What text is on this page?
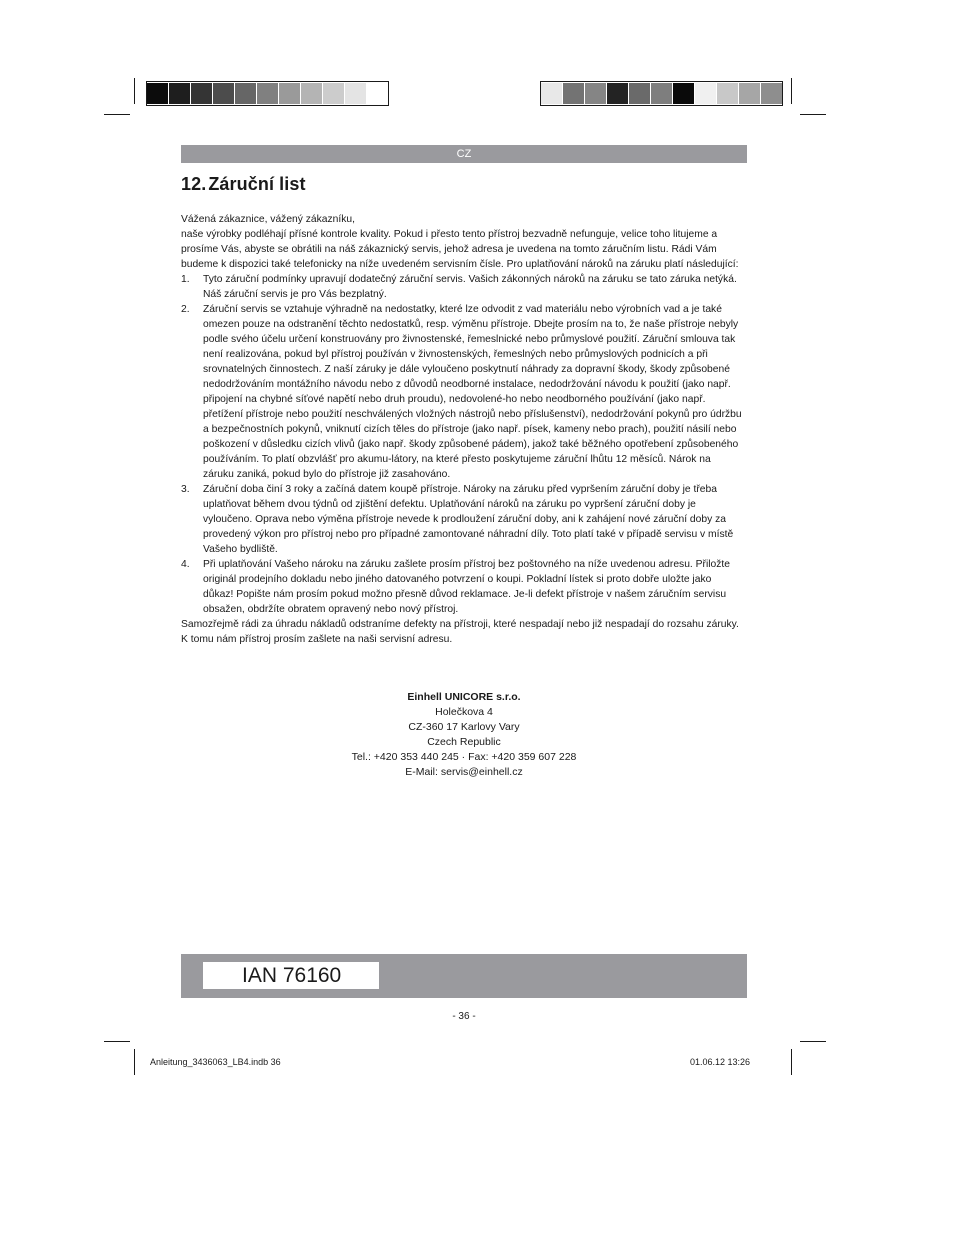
CZ
12. Záruční list

Vážená zákaznice, vážený zákazníku,

naše výrobky podléhají přísné kontrole kvality. Pokud i přesto tento přístroj bezvadně nefunguje, velice toho litujeme a prosíme Vás, abyste se obrátili na náš zákaznický servis, jehož adresa je uvedena na tomto záručním listu. Rádi Vám budeme k dispozici také telefonicky na níže uvedeném servisním čísle. Pro uplatňování nároků na záruku platí následující:

1. Tyto záruční podmínky upravují dodatečný záruční servis. Vašich zákonných nároků na záruku se tato záruka netýká. Náš záruční servis je pro Vás bezplatný.
2. Záruční servis se vztahuje výhradně na nedostatky, které lze odvodit z vad materiálu nebo výrobních vad a je také omezen pouze na odstranění těchto nedostatků, resp. výměnu přístroje. Dbejte prosím na to, že naše přístroje nebyly podle svého účelu určení konstruovány pro živnostenské, řemeslnické nebo průmyslové použití. Záruční smlouva tak není realizována, pokud byl přístroj používán v živnostenských, řemeslných nebo průmyslových podnicích a při srovnatelných činnostech. Z naší záruky je dále vyloučeno poskytnutí náhrady za dopravní škody, škody způsobené nedodržováním montážního návodu nebo z důvodů neodborné instalace, nedodržování návodu k použití (jako např. připojení na chybné síťové napětí nebo druh proudu), nedovolené-ho nebo neodborného používání (jako např. přetížení přístroje nebo použití neschválených vložných nástrojů nebo příslušenství), nedodržování pokynů pro údržbu a bezpečnostních pokynů, vniknutí cizích těles do přístroje (jako např. písek, kameny nebo prach), použití násilí nebo poškození v důsledku cizích vlivů (jako např. škody způsobené pádem), jakož také běžného opotřebení způsobeného používáním. To platí obzvlášť pro akumu-látory, na které přesto poskytujeme záruční lhůtu 12 měsíců. Nárok na záruku zaniká, pokud bylo do přístroje již zasahováno.
3. Záruční doba činí 3 roky a začíná datem koupě přístroje. Nároky na záruku před vypršením záruční doby je třeba uplatňovat během dvou týdnů od zjištění defektu. Uplatňování nároků na záruku po vypršení záruční doby je vyloučeno. Oprava nebo výměna přístroje nevede k prodloužení záruční doby, ani k zahájení nové záruční doby za provedený výkon pro přístroj nebo pro případné zamontované náhradní díly. Toto platí také v případě servisu v místě Vašeho bydliště.
4. Při uplatňování Vašeho nároku na záruku zašlete prosím přístroj bez poštovného na níže uvedenou adresu. Přiložte originál prodejního dokladu nebo jiného datovaného potvrzení o koupi. Pokladní lístek si proto dobře uložte jako důkaz! Popište nám prosím pokud možno přesně důvod reklamace. Je-li defekt přístroje v našem záručním servisu obsažen, obdržíte obratem opravený nebo nový přístroj.

Samozřejmě rádi za úhradu nákladů odstraníme defekty na přístroji, které nespadají nebo již nespadají do rozsahu záruky. K tomu nám přístroj prosím zašlete na naši servisní adresu.

Einhell UNICORE s.r.o.
Holečkova 4
CZ-360 17 Karlovy Vary
Czech Republic
Tel.: +420 353 440 245 · Fax: +420 359 607 228
E-Mail: servis@einhell.cz
IAN 76160
- 36 -
Anleitung_3436063_LB4.indb 36	01.06.12 13:26
